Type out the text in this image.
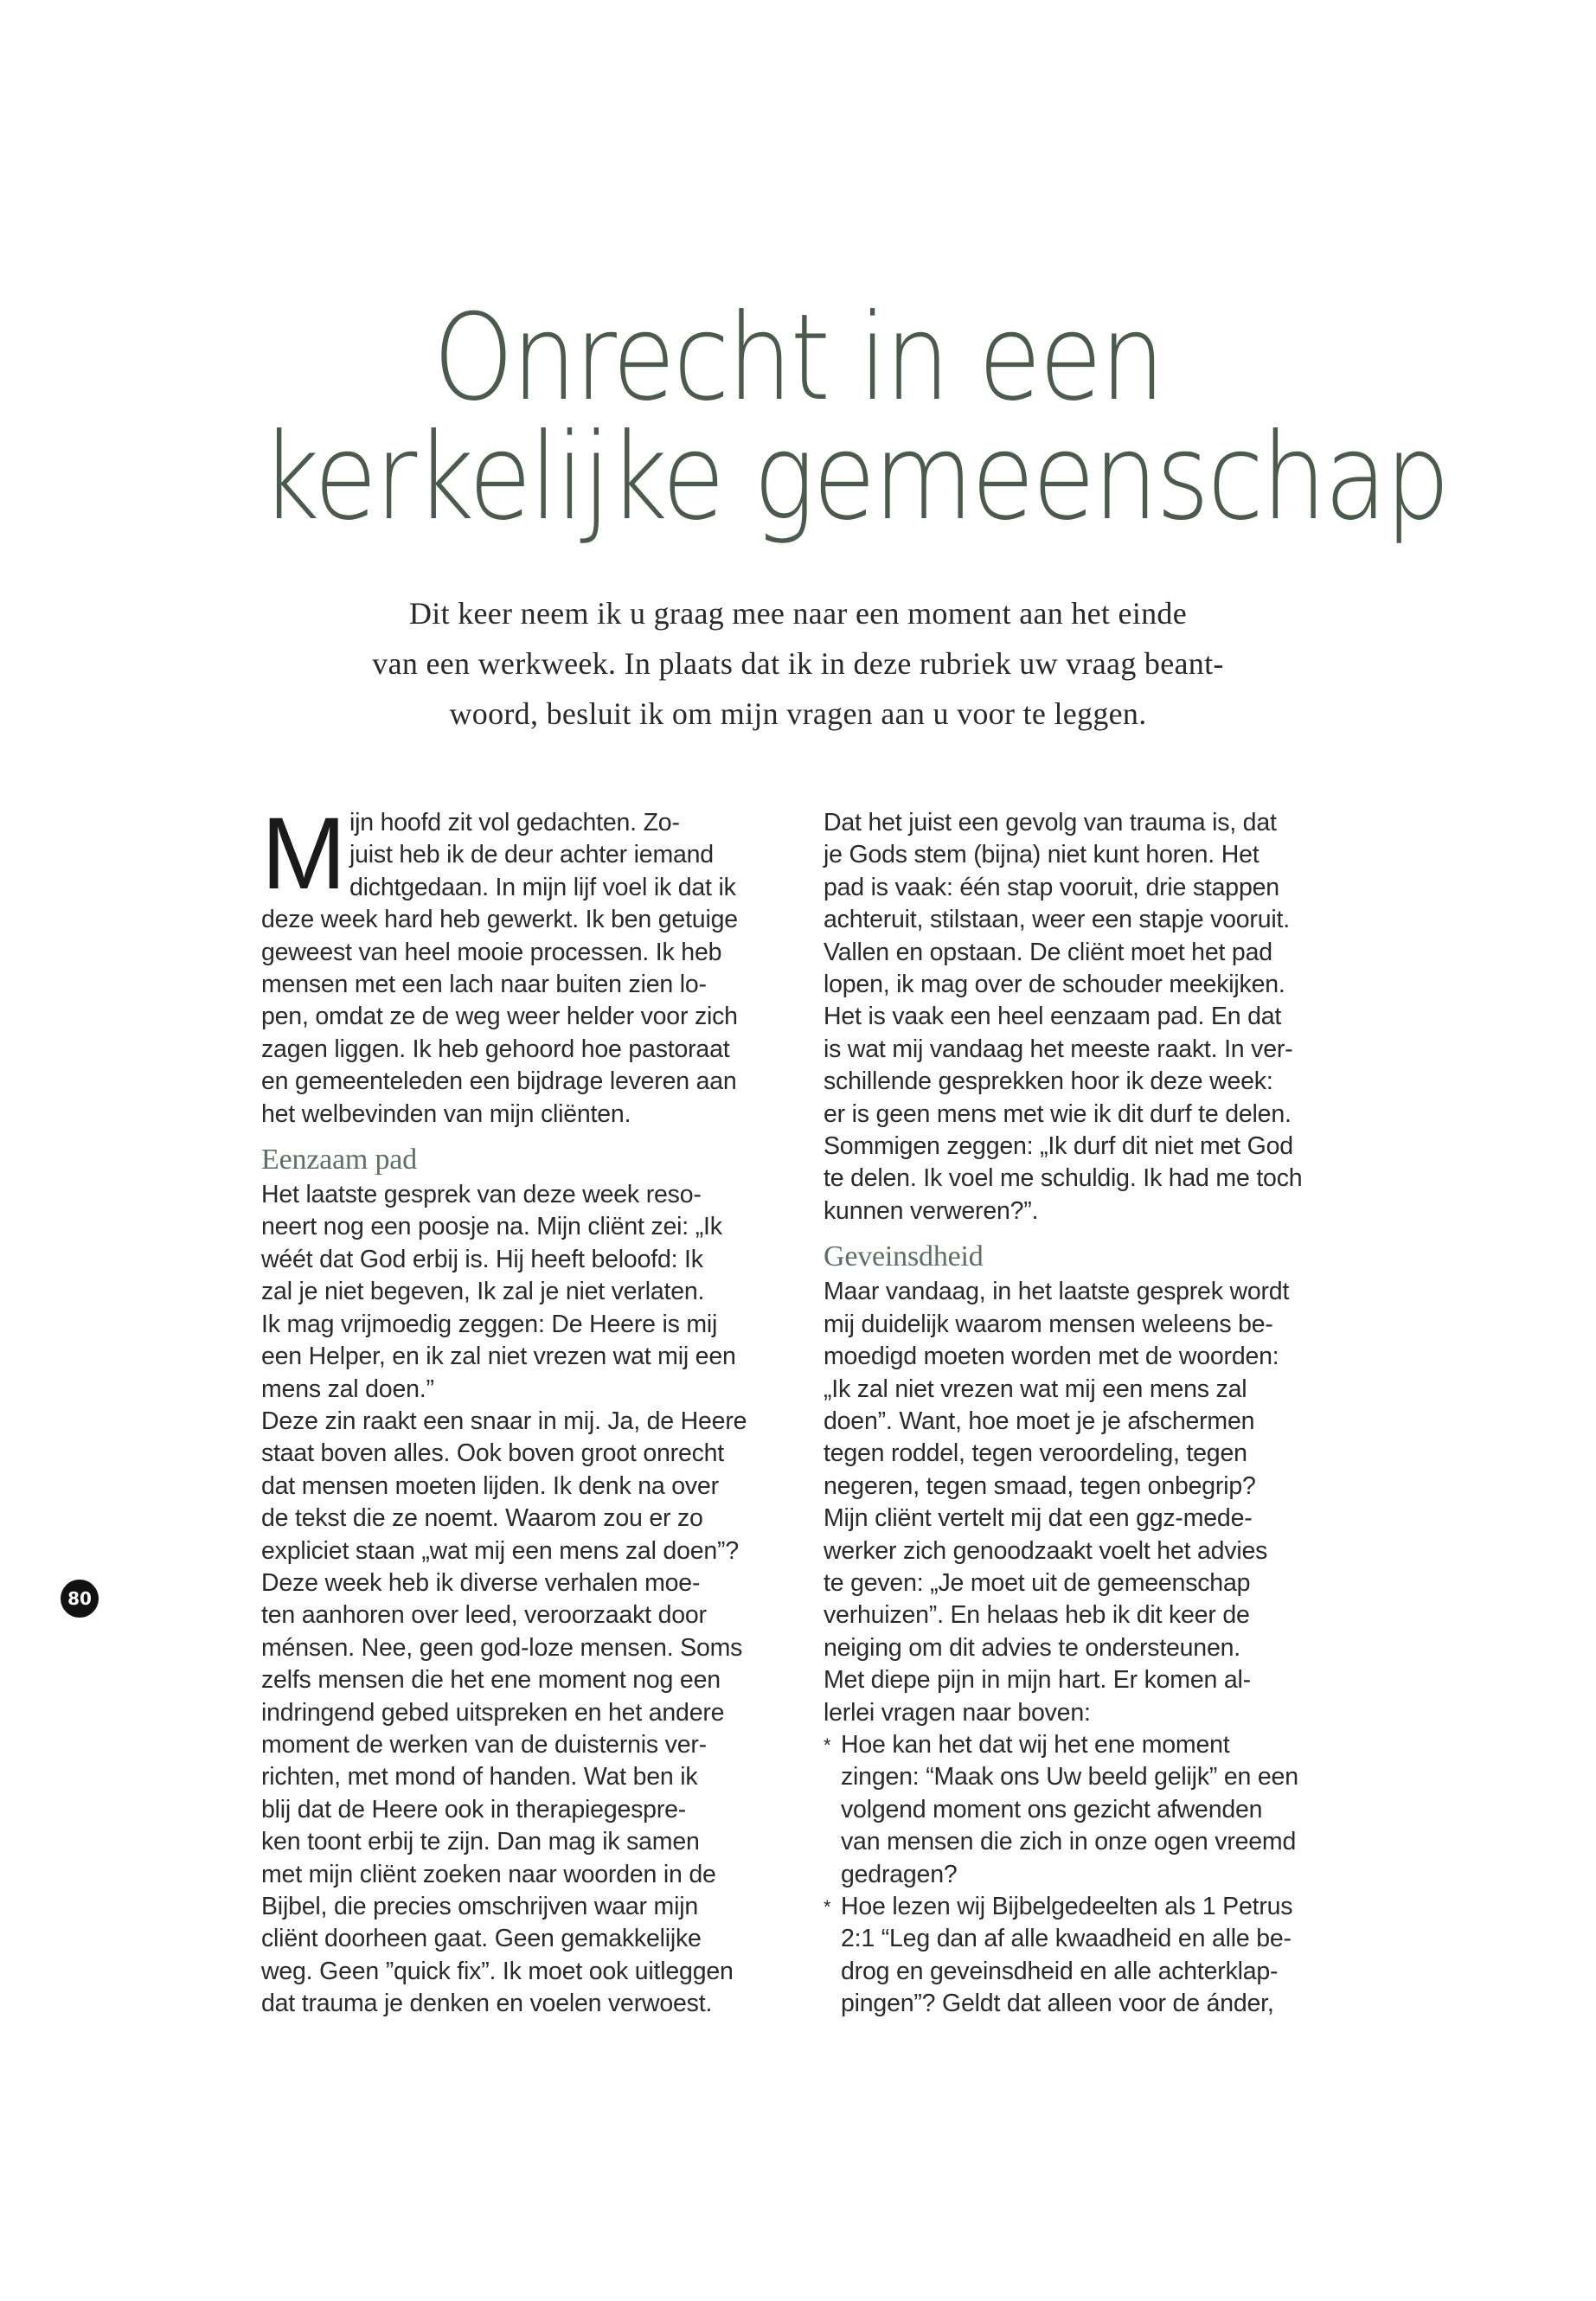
Onrecht in een
kerkelijke gemeenschap
Dit keer neem ik u graag mee naar een moment aan het einde
van een werkweek. In plaats dat ik in deze rubriek uw vraag beant-
woord, besluit ik om mijn vragen aan u voor te leggen.
M ijn hoofd zit vol gedachten. Zo-
juist heb ik de deur achter iemand
dichtgedaan. In mijn lijf voel ik dat ik
deze week hard heb gewerkt. Ik ben getuige
geweest van heel mooie processen. Ik heb
mensen met een lach naar buiten zien lo-
pen, omdat ze de weg weer helder voor zich
zagen liggen. Ik heb gehoord hoe pastoraat
en gemeenteleden een bijdrage leveren aan
het welbevinden van mijn cliënten.
Eenzaam pad
Het laatste gesprek van deze week reso-
neert nog een poosje na. Mijn cliënt zei: „Ik
wéét dat God erbij is. Hij heeft beloofd: Ik
zal je niet begeven, Ik zal je niet verlaten.
Ik mag vrijmoedig zeggen: De Heere is mij
een Helper, en ik zal niet vrezen wat mij een
mens zal doen.”
Deze zin raakt een snaar in mij. Ja, de Heere
staat boven alles. Ook boven groot onrecht
dat mensen moeten lijden. Ik denk na over
de tekst die ze noemt. Waarom zou er zo
expliciet staan „wat mij een mens zal doen”?
Deze week heb ik diverse verhalen moe-
ten aanhoren over leed, veroorzaakt door
ménsen. Nee, geen god-loze mensen. Soms
zelfs mensen die het ene moment nog een
indringend gebed uitspreken en het andere
moment de werken van de duisternis ver-
richten, met mond of handen. Wat ben ik
blij dat de Heere ook in therapiegespre-
ken toont erbij te zijn. Dan mag ik samen
met mijn cliënt zoeken naar woorden in de
Bijbel, die precies omschrijven waar mijn
cliënt doorheen gaat. Geen gemakkelijke
weg. Geen ”quick fix”. Ik moet ook uitleggen
dat trauma je denken en voelen verwoest.
Dat het juist een gevolg van trauma is, dat
je Gods stem (bijna) niet kunt horen. Het
pad is vaak: één stap vooruit, drie stappen
achteruit, stilstaan, weer een stapje vooruit.
Vallen en opstaan. De cliënt moet het pad
lopen, ik mag over de schouder meekijken.
Het is vaak een heel eenzaam pad. En dat
is wat mij vandaag het meeste raakt. In ver-
schillende gesprekken hoor ik deze week:
er is geen mens met wie ik dit durf te delen.
Sommigen zeggen: „Ik durf dit niet met God
te delen. Ik voel me schuldig. Ik had me toch
kunnen verweren?”.
Geveinsdheid
Maar vandaag, in het laatste gesprek wordt
mij duidelijk waarom mensen weleens be-
moedigd moeten worden met de woorden:
„Ik zal niet vrezen wat mij een mens zal
doen”. Want, hoe moet je je afschermen
tegen roddel, tegen veroordeling, tegen
negeren, tegen smaad, tegen onbegrip?
Mijn cliënt vertelt mij dat een ggz-mede-
werker zich genoodzaakt voelt het advies
te geven: „Je moet uit de gemeenschap
verhuizen”. En helaas heb ik dit keer de
neiging om dit advies te ondersteunen.
Met diepe pijn in mijn hart. Er komen al-
lerlei vragen naar boven:
* Hoe kan het dat wij het ene moment
zingen: “Maak ons Uw beeld gelijk” en een
volgend moment ons gezicht afwenden
van mensen die zich in onze ogen vreemd
gedragen?
* Hoe lezen wij Bijbelgedeelten als 1 Petrus
2:1 “Leg dan af alle kwaadheid en alle be-
drog en geveinsdheid en alle achterklap-
pingen”? Geldt dat alleen voor de ánder,
80
